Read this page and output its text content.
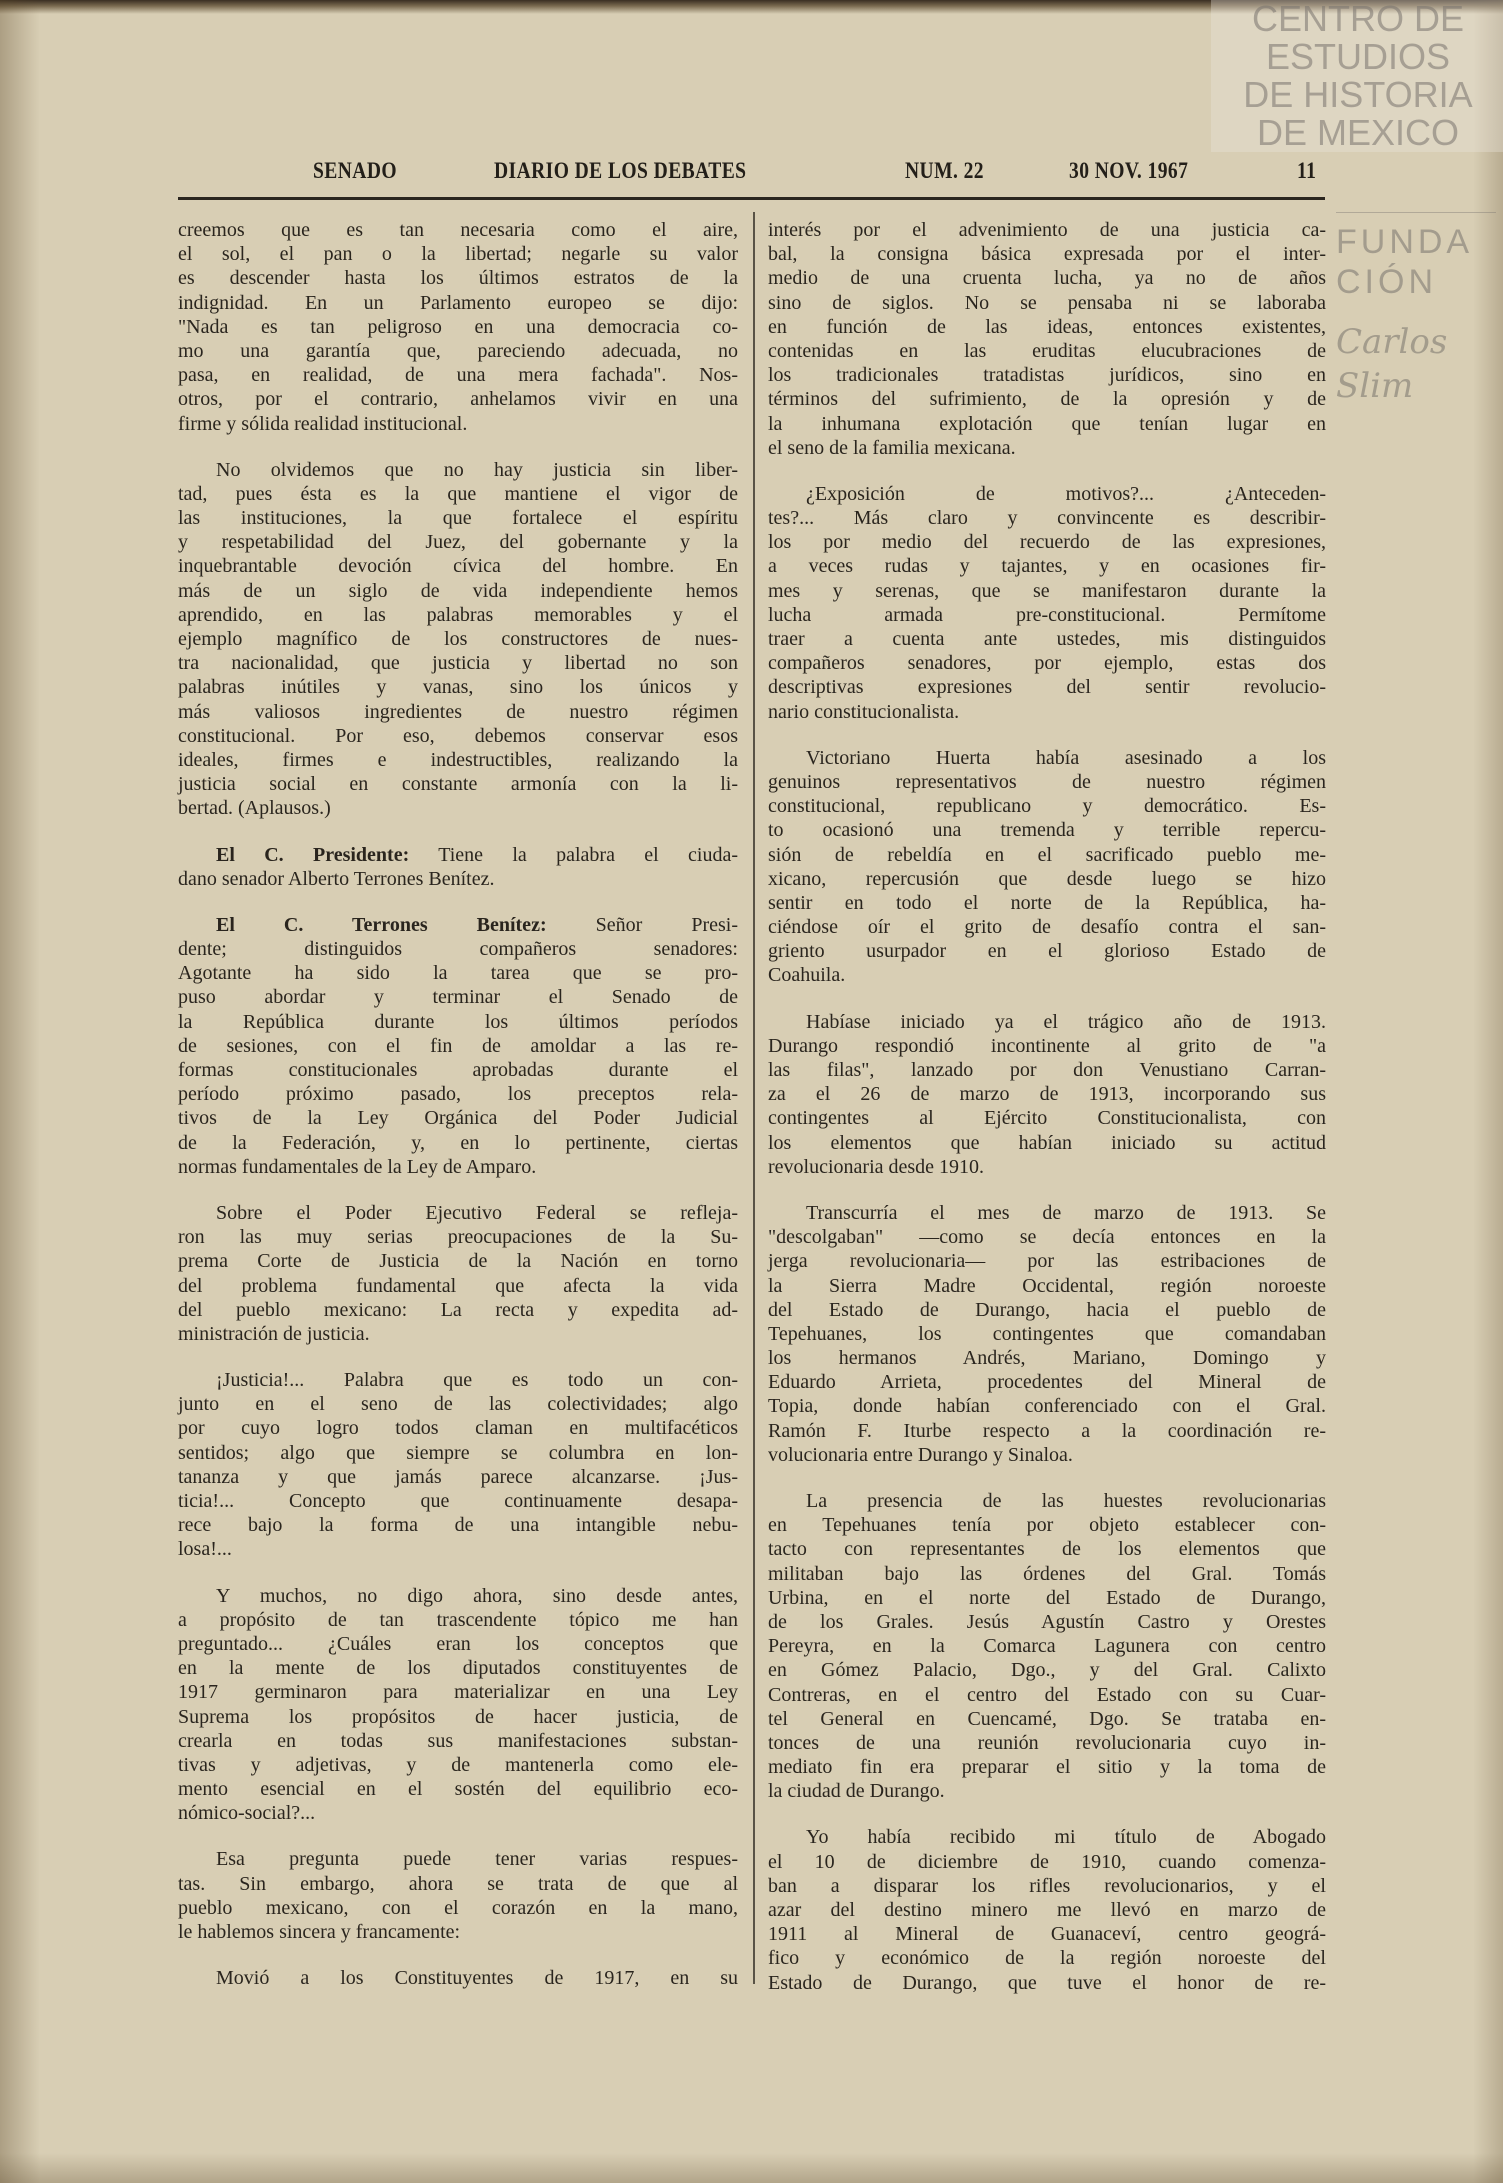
SENADO	DIARIO DE LOS DEBATES	NUM. 22	30 NOV. 1967	11
creemos que es tan necesaria como el aire,
el sol, el pan o la libertad; negarle su valor
es descender hasta los últimos estratos de la
indignidad. En un Parlamento europeo se dijo:
"Nada es tan peligroso en una democracia co-
mo una garantía que, pareciendo adecuada, no
pasa, en realidad, de una mera fachada". Nos-
otros, por el contrario, anhelamos vivir en una
firme y sólida realidad institucional.
No olvidemos que no hay justicia sin liber-
tad, pues ésta es la que mantiene el vigor de
las instituciones, la que fortalece el espíritu
y respetabilidad del Juez, del gobernante y la
inquebrantable devoción cívica del hombre. En
más de un siglo de vida independiente hemos
aprendido, en las palabras memorables y el
ejemplo magnífico de los constructores de nues-
tra nacionalidad, que justicia y libertad no son
palabras inútiles y vanas, sino los únicos y
más valiosos ingredientes de nuestro régimen
constitucional. Por eso, debemos conservar esos
ideales, firmes e indestructibles, realizando la
justicia social en constante armonía con la li-
bertad. (Aplausos.)
El C. Presidente: Tiene la palabra el ciuda-
dano senador Alberto Terrones Benítez.
El C. Terrones Benítez: Señor Presi-
dente; distinguidos compañeros senadores:
Agotante ha sido la tarea que se pro-
puso abordar y terminar el Senado de
la República durante los últimos períodos
de sesiones, con el fin de amoldar a las re-
formas constitucionales aprobadas durante el
período próximo pasado, los preceptos rela-
tivos de la Ley Orgánica del Poder Judicial
de la Federación, y, en lo pertinente, ciertas
normas fundamentales de la Ley de Amparo.
Sobre el Poder Ejecutivo Federal se refleja-
ron las muy serias preocupaciones de la Su-
prema Corte de Justicia de la Nación en torno
del problema fundamental que afecta la vida
del pueblo mexicano: La recta y expedita ad-
ministración de justicia.
¡Justicia!... Palabra que es todo un con-
junto en el seno de las colectividades; algo
por cuyo logro todos claman en multifacéticos
sentidos; algo que siempre se columbra en lon-
tananza y que jamás parece alcanzarse. ¡Jus-
ticia!... Concepto que continuamente desapa-
rece bajo la forma de una intangible nebu-
losa!...
Y muchos, no digo ahora, sino desde antes,
a propósito de tan trascendente tópico me han
preguntado... ¿Cuáles eran los conceptos que
en la mente de los diputados constituyentes de
1917 germinaron para materializar en una Ley
Suprema los propósitos de hacer justicia, de
crearla en todas sus manifestaciones substan-
tivas y adjetivas, y de mantenerla como ele-
mento esencial en el sostén del equilibrio eco-
nómico-social?...
Esa pregunta puede tener varias respues-
tas. Sin embargo, ahora se trata de que al
pueblo mexicano, con el corazón en la mano,
le hablemos sincera y francamente:
Movió a los Constituyentes de 1917, en su
interés por el advenimiento de una justicia ca-
bal, la consigna básica expresada por el inter-
medio de una cruenta lucha, ya no de años
sino de siglos. No se pensaba ni se laboraba
en función de las ideas, entonces existentes,
contenidas en las eruditas elucubraciones de
los tradicionales tratadistas jurídicos, sino en
términos del sufrimiento, de la opresión y de
la inhumana explotación que tenían lugar en
el seno de la familia mexicana.
¿Exposición de motivos?... ¿Anteceden-
tes?... Más claro y convincente es describir-
los por medio del recuerdo de las expresiones,
a veces rudas y tajantes, y en ocasiones fir-
mes y serenas, que se manifestaron durante la
lucha armada pre-constitucional. Permítome
traer a cuenta ante ustedes, mis distinguidos
compañeros senadores, por ejemplo, estas dos
descriptivas expresiones del sentir revolucio-
nario constitucionalista.
Victoriano Huerta había asesinado a los
genuinos representativos de nuestro régimen
constitucional, republicano y democrático. Es-
to ocasionó una tremenda y terrible repercu-
sión de rebeldía en el sacrificado pueblo me-
xicano, repercusión que desde luego se hizo
sentir en todo el norte de la República, ha-
ciéndose oír el grito de desafío contra el san-
griento usurpador en el glorioso Estado de
Coahuila.
Habíase iniciado ya el trágico año de 1913.
Durango respondió incontinente al grito de "a
las filas", lanzado por don Venustiano Carran-
za el 26 de marzo de 1913, incorporando sus
contingentes al Ejército Constitucionalista, con
los elementos que habían iniciado su actitud
revolucionaria desde 1910.
Transcurría el mes de marzo de 1913. Se
"descolgaban" —como se decía entonces en la
jerga revolucionaria— por las estribaciones de
la Sierra Madre Occidental, región noroeste
del Estado de Durango, hacia el pueblo de
Tepehuanes, los contingentes que comandaban
los hermanos Andrés, Mariano, Domingo y
Eduardo Arrieta, procedentes del Mineral de
Topia, donde habían conferenciado con el Gral.
Ramón F. Iturbe respecto a la coordinación re-
volucionaria entre Durango y Sinaloa.
La presencia de las huestes revolucionarias
en Tepehuanes tenía por objeto establecer con-
tacto con representantes de los elementos que
militaban bajo las órdenes del Gral. Tomás
Urbina, en el norte del Estado de Durango,
de los Grales. Jesús Agustín Castro y Orestes
Pereyra, en la Comarca Lagunera con centro
en Gómez Palacio, Dgo., y del Gral. Calixto
Contreras, en el centro del Estado con su Cuar-
tel General en Cuencamé, Dgo. Se trataba en-
tonces de una reunión revolucionaria cuyo in-
mediato fin era preparar el sitio y la toma de
la ciudad de Durango.
Yo había recibido mi título de Abogado
el 10 de diciembre de 1910, cuando comenza-
ban a disparar los rifles revolucionarios, y el
azar del destino minero me llevó en marzo de
1911 al Mineral de Guanaceví, centro geográ-
fico y económico de la región noroeste del
Estado de Durango, que tuve el honor de re-
CENTRO DE
ESTUDIOS
DE HISTORIA
DE MEXICO
FUNDACIÓN
Carlos Slim
